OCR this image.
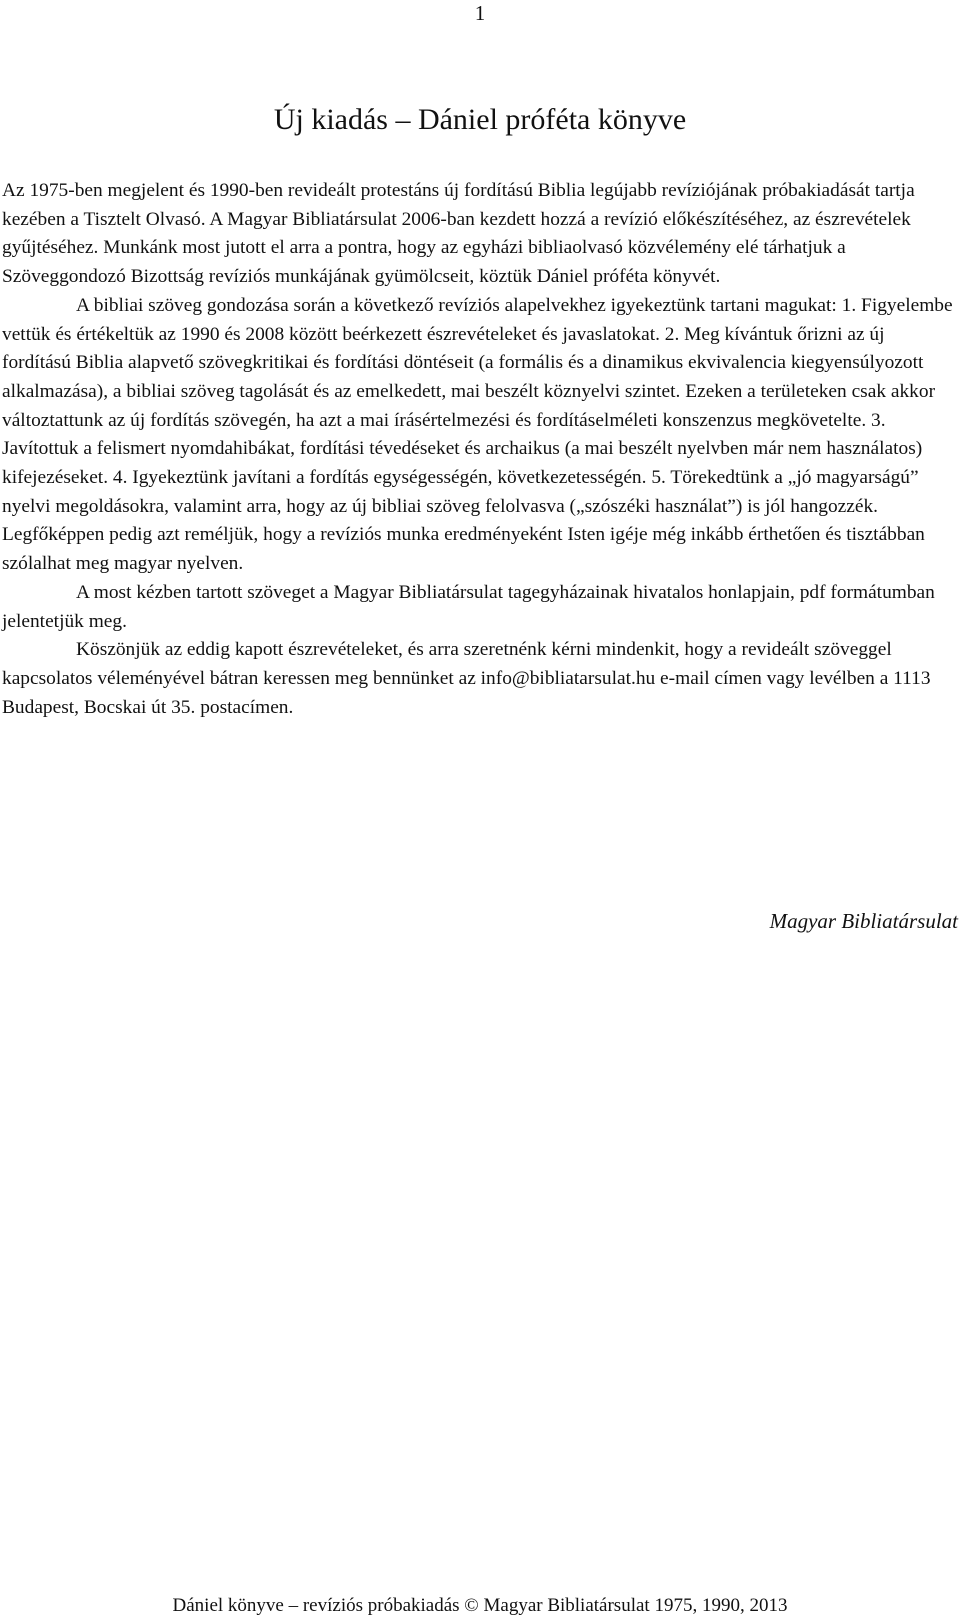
1
Új kiadás – Dániel próféta könyve

Az 1975-ben megjelent és 1990-ben revideált protestáns új fordítású Biblia legújabb revíziójának próbakiadását tartja kezében a Tisztelt Olvasó. A Magyar Bibliatársulat 2006-ban kezdett hozzá a revízió előkészítéséhez, az észrevételek gyűjtéséhez. Munkánk most jutott el arra a pontra, hogy az egyházi bibliaolvasó közvélemény elé tárhatjuk a Szöveggondozó Bizottság revíziós munkájának gyümölcseit, köztük Dániel próféta könyvét.

A bibliai szöveg gondozása során a következő revíziós alapelvekhez igyekeztünk tartani magukat: 1. Figyelembe vettük és értékeltük az 1990 és 2008 között beérkezett észrevételeket és javaslatokat. 2. Meg kívántuk őrizni az új fordítású Biblia alapvető szövegkritikai és fordítási döntéseit (a formális és a dinamikus ekvivalencia kiegyensúlyozott alkalmazása), a bibliai szöveg tagolását és az emelkedett, mai beszélt köznyelvi szintet. Ezeken a területeken csak akkor változtattunk az új fordítás szövegén, ha azt a mai írásértelmezési és fordításelméleti konszenzus megkövetelte. 3. Javítottuk a felismert nyomdahibákat, fordítási tévedéseket és archaikus (a mai beszélt nyelvben már nem használatos) kifejezéseket. 4. Igyekeztünk javítani a fordítás egységességén, következetességén. 5. Törekedtünk a „jó magyarságú” nyelvi megoldásokra, valamint arra, hogy az új bibliai szöveg felolvasva („szószéki használat”) is jól hangozzék. Legfőképpen pedig azt reméljük, hogy a revíziós munka eredményeként Isten igéje még inkább érthetően és tisztábban szólalhat meg magyar nyelven.

A most kézben tartott szöveget a Magyar Bibliatársulat tagegyházainak hivatalos honlapjain, pdf formátumban jelentetjük meg.

Köszönjük az eddig kapott észrevételeket, és arra szeretnénk kérni mindenkit, hogy a revideált szöveggel kapcsolatos véleményével bátran keressen meg bennünket az info@bibliatarsulat.hu e-mail címen vagy levélben a 1113 Budapest, Bocskai út 35. postacímen.

Magyar Bibliatársulat
Dániel könyve – revíziós próbakiadás © Magyar Bibliatársulat 1975, 1990, 2013
